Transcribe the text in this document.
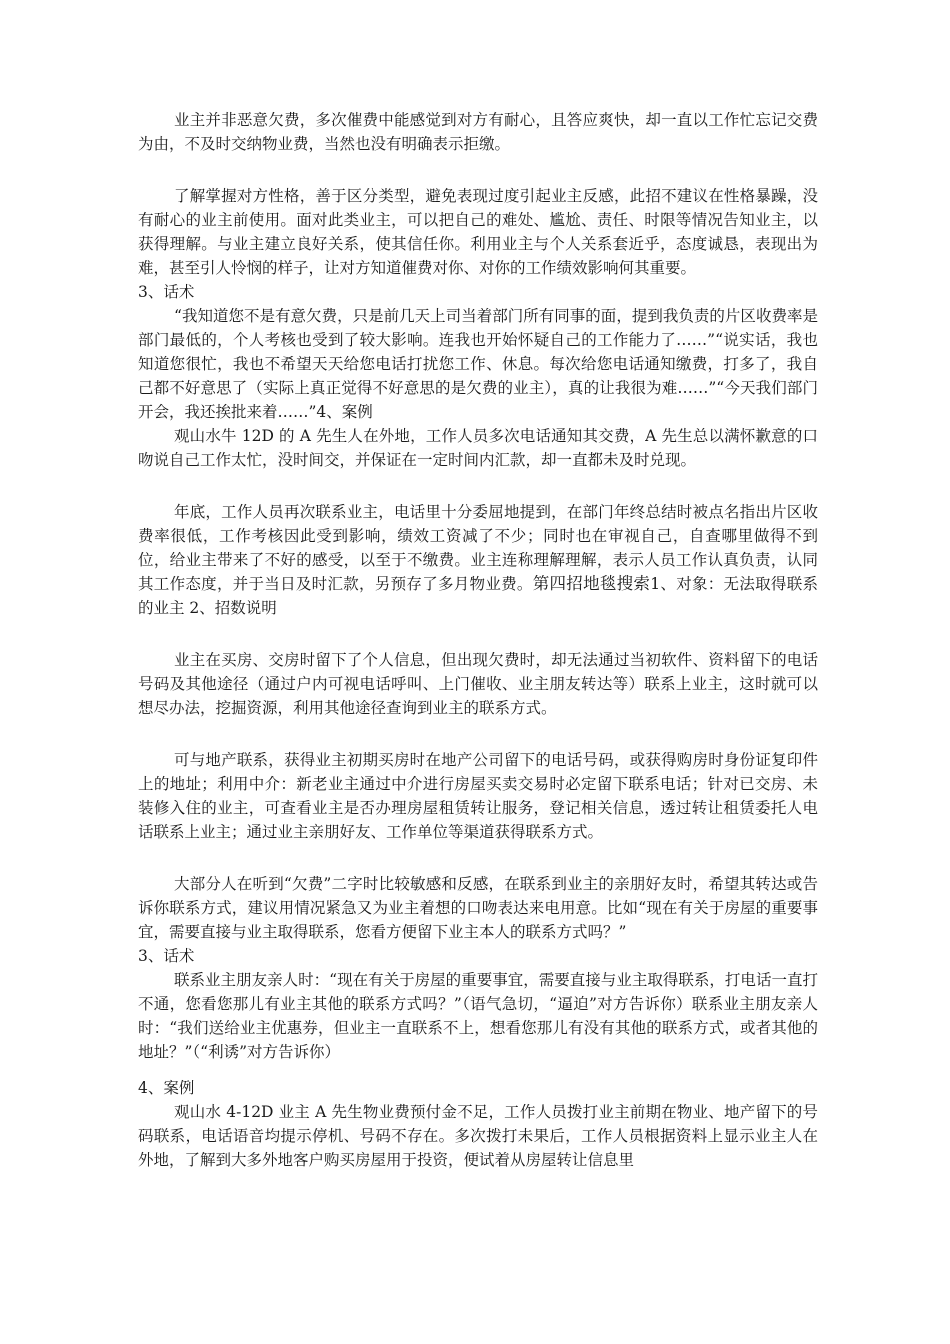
业主并非恶意欠费，多次催费中能感觉到对方有耐心，且答应爽快，却一直以工作忙忘记交费为由，不及时交纳物业费，当然也没有明确表示拒缴。

了解掌握对方性格，善于区分类型，避免表现过度引起业主反感，此招不建议在性格暴躁，没有耐心的业主前使用。面对此类业主，可以把自己的难处、尴尬、责任、时限等情况告知业主，以获得理解。与业主建立良好关系，使其信任你。利用业主与个人关系套近乎，态度诚恳，表现出为难，甚至引人怜悯的样子，让对方知道催费对你、对你的工作绩效影响何其重要。

3、话术

“我知道您不是有意欠费，只是前几天上司当着部门所有同事的面，提到我负责的片区收费率是部门最低的，个人考核也受到了较大影响。连我也开始怀疑自己的工作能力了……”“说实话，我也知道您很忙，我也不希望天天给您电话打扰您工作、休息。每次给您电话通知缴费，打多了，我自己都不好意思了（实际上真正觉得不好意思的是欠费的业主），真的让我很为难……”“今天我们部门开会，我还挨批来着……”4、案例

观山水牛 12D 的 A 先生人在外地，工作人员多次电话通知其交费，A 先生总以满怀歉意的口吻说自己工作太忙，没时间交，并保证在一定时间内汇款，却一直都未及时兑现。

年底，工作人员再次联系业主，电话里十分委屈地提到，在部门年终总结时被点名指出片区收费率很低，工作考核因此受到影响，绩效工资减了不少；同时也在审视自己，自查哪里做得不到位，给业主带来了不好的感受，以至于不缴费。业主连称理解理解，表示人员工作认真负责，认同其工作态度，并于当日及时汇款，另预存了多月物业费。第四招地毯搜索1、对象：无法取得联系的业主 2、招数说明

业主在买房、交房时留下了个人信息，但出现欠费时，却无法通过当初软件、资料留下的电话号码及其他途径（通过户内可视电话呼叫、上门催收、业主朋友转达等）联系上业主，这时就可以想尽办法，挖掘资源，利用其他途径查询到业主的联系方式。

可与地产联系，获得业主初期买房时在地产公司留下的电话号码，或获得购房时身份证复印件上的地址；利用中介：新老业主通过中介进行房屋买卖交易时必定留下联系电话；针对已交房、未装修入住的业主，可查看业主是否办理房屋租赁转让服务，登记相关信息，透过转让租赁委托人电话联系上业主；通过业主亲朋好友、工作单位等渠道获得联系方式。

大部分人在听到“欠费”二字时比较敏感和反感，在联系到业主的亲朋好友时，希望其转达或告诉你联系方式，建议用情况紧急又为业主着想的口吻表达来电用意。比如“现在有关于房屋的重要事宜，需要直接与业主取得联系，您看方便留下业主本人的联系方式吗？”

3、话术

联系业主朋友亲人时：“现在有关于房屋的重要事宜，需要直接与业主取得联系，打电话一直打不通，您看您那儿有业主其他的联系方式吗？”（语气急切，“逼迫”对方告诉你）联系业主朋友亲人时：“我们送给业主优惠券，但业主一直联系不上，想看您那儿有没有其他的联系方式，或者其他的地址？”（“利诱”对方告诉你）

4、案例

观山水 4-12D 业主 A 先生物业费预付金不足，工作人员拨打业主前期在物业、地产留下的号码联系，电话语音均提示停机、号码不存在。多次拨打未果后，工作人员根据资料上显示业主人在外地，了解到大多外地客户购买房屋用于投资，便试着从房屋转让信息里
